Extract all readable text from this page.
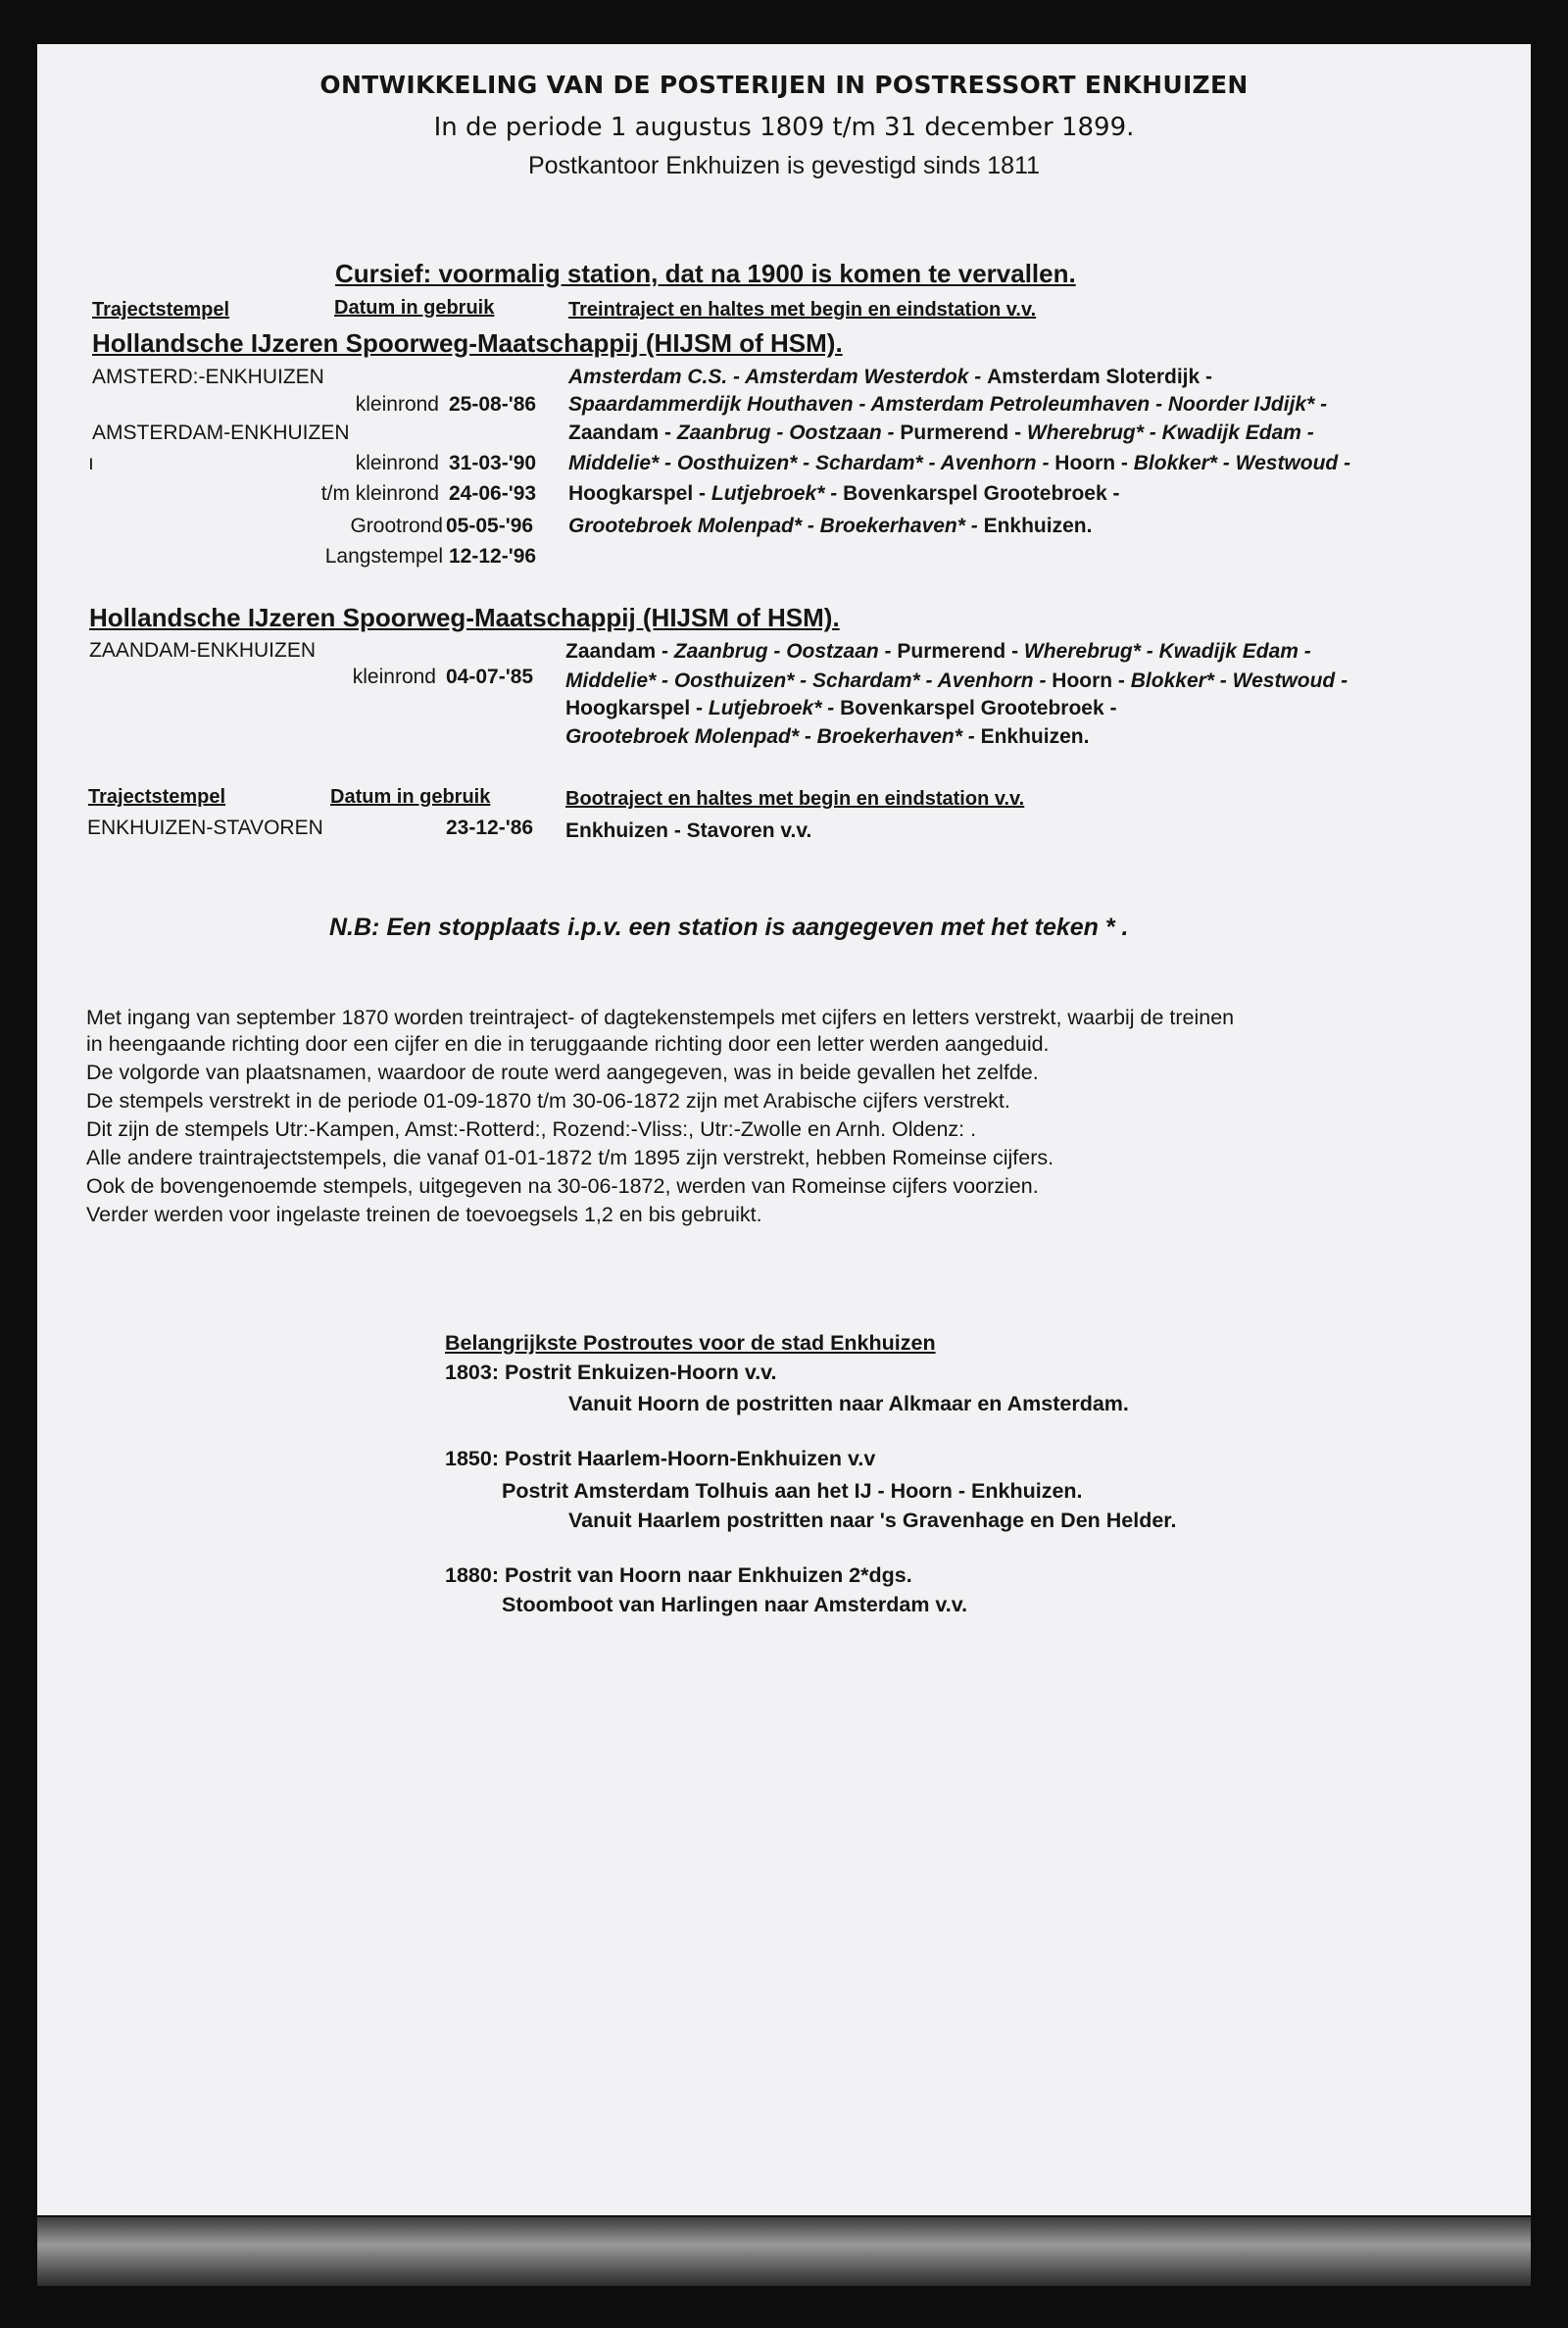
ONTWIKKELING VAN DE POSTERIJEN IN POSTRESSORT ENKHUIZEN
In de periode 1 augustus 1809 t/m 31 december 1899.
Postkantoor Enkhuizen is gevestigd sinds 1811
Cursief: voormalig station, dat na 1900 is komen te vervallen.
Trajectstempel	Datum in gebruik	Treintraject en haltes met begin en eindstation v.v.
Hollandsche IJzeren Spoorweg-Maatschappij (HIJSM of HSM).
AMSTERD:-ENKHUIZEN
AMSTERDAM-ENKHUIZEN
ı
kleinrond 25-08-'86
kleinrond 31-03-'90
t/m kleinrond 24-06-'93
Grootrond 05-05-'96
Langstempel 12-12-'96
Amsterdam C.S. - Amsterdam Westerdok - Amsterdam Sloterdijk -
Spaardammerdijk Houthaven - Amsterdam Petroleumhaven - Noorder IJdijk* -
Zaandam - Zaanbrug - Oostzaan - Purmerend - Wherebrug* - Kwadijk Edam -
Middelie* - Oosthuizen* - Schardam* - Avenhorn - Hoorn - Blokker* - Westwoud -
Hoogkarspel - Lutjebroek* - Bovenkarspel Grootebroek -
Grootebroek Molenpad* - Broekerhaven* - Enkhuizen.
Hollandsche IJzeren Spoorweg-Maatschappij (HIJSM of HSM).
ZAANDAM-ENKHUIZEN
kleinrond 04-07-'85
Zaandam - Zaanbrug - Oostzaan - Purmerend - Wherebrug* - Kwadijk Edam -
Middelie* - Oosthuizen* - Schardam* - Avenhorn - Hoorn - Blokker* - Westwoud -
Hoogkarspel - Lutjebroek* - Bovenkarspel Grootebroek -
Grootebroek Molenpad* - Broekerhaven* - Enkhuizen.
Trajectstempel	Datum in gebruik	Bootraject en haltes met begin en eindstation v.v.
ENKHUIZEN-STAVOREN	23-12-'86 Enkhuizen - Stavoren v.v.
N.B: Een stopplaats i.p.v. een station is aangegeven met het teken * .
Met ingang van september 1870 worden treintraject- of dagtekenstempels met cijfers en letters verstrekt, waarbij de treinen
in heengaande richting door een cijfer en die in teruggaande richting door een letter werden aangeduid.
De volgorde van plaatsnamen, waardoor de route werd aangegeven, was in beide gevallen het zelfde.
De stempels verstrekt in de periode 01-09-1870 t/m 30-06-1872 zijn met Arabische cijfers verstrekt.
Dit zijn de stempels Utr:-Kampen, Amst:-Rotterd:, Rozend:-Vliss:, Utr:-Zwolle en Arnh. Oldenz: .
Alle andere traintrajectstempels, die vanaf 01-01-1872 t/m 1895 zijn verstrekt, hebben Romeinse cijfers.
Ook de bovengenoemde stempels, uitgegeven na 30-06-1872, werden van Romeinse cijfers voorzien.
Verder werden voor ingelaste treinen de toevoegsels 1,2 en bis gebruikt.
Belangrijkste Postroutes voor de stad Enkhuizen
1803: Postrit Enkuizen-Hoorn v.v.
Vanuit Hoorn de postritten naar Alkmaar en Amsterdam.
1850: Postrit Haarlem-Hoorn-Enkhuizen v.v
Postrit Amsterdam Tolhuis aan het IJ - Hoorn - Enkhuizen.
Vanuit Haarlem postritten naar 's Gravenhage en Den Helder.
1880: Postrit van Hoorn naar Enkhuizen 2*dgs.
Stoomboot van Harlingen naar Amsterdam v.v.
